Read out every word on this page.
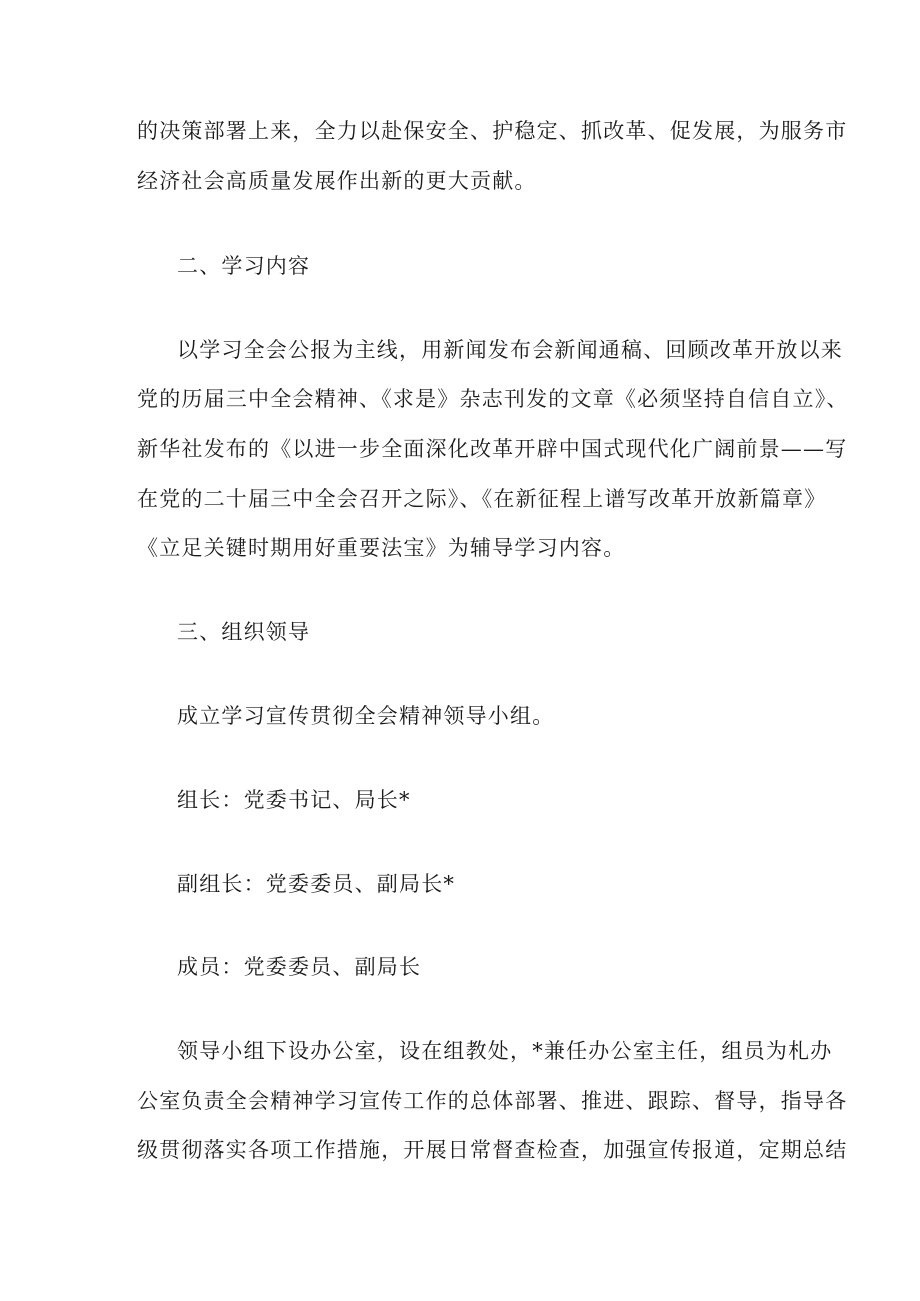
的决策部署上来，全力以赴保安全、护稳定、抓改革、促发展，为服务市
经济社会高质量发展作出新的更大贡献。
二、学习内容
以学习全会公报为主线，用新闻发布会新闻通稿、回顾改革开放以来
党的历届三中全会精神、《求是》杂志刊发的文章《必须坚持自信自立》、
新华社发布的《以进一步全面深化改革开辟中国式现代化广阔前景——写
在党的二十届三中全会召开之际》、《在新征程上谱写改革开放新篇章》
《立足关键时期用好重要法宝》为辅导学习内容。
三、组织领导
成立学习宣传贯彻全会精神领导小组。
组长：党委书记、局长*
副组长：党委委员、副局长*
成员：党委委员、副局长
领导小组下设办公室，设在组教处，*兼任办公室主任，组员为札办
公室负责全会精神学习宣传工作的总体部署、推进、跟踪、督导，指导各
级贯彻落实各项工作措施，开展日常督查检查，加强宣传报道，定期总结
